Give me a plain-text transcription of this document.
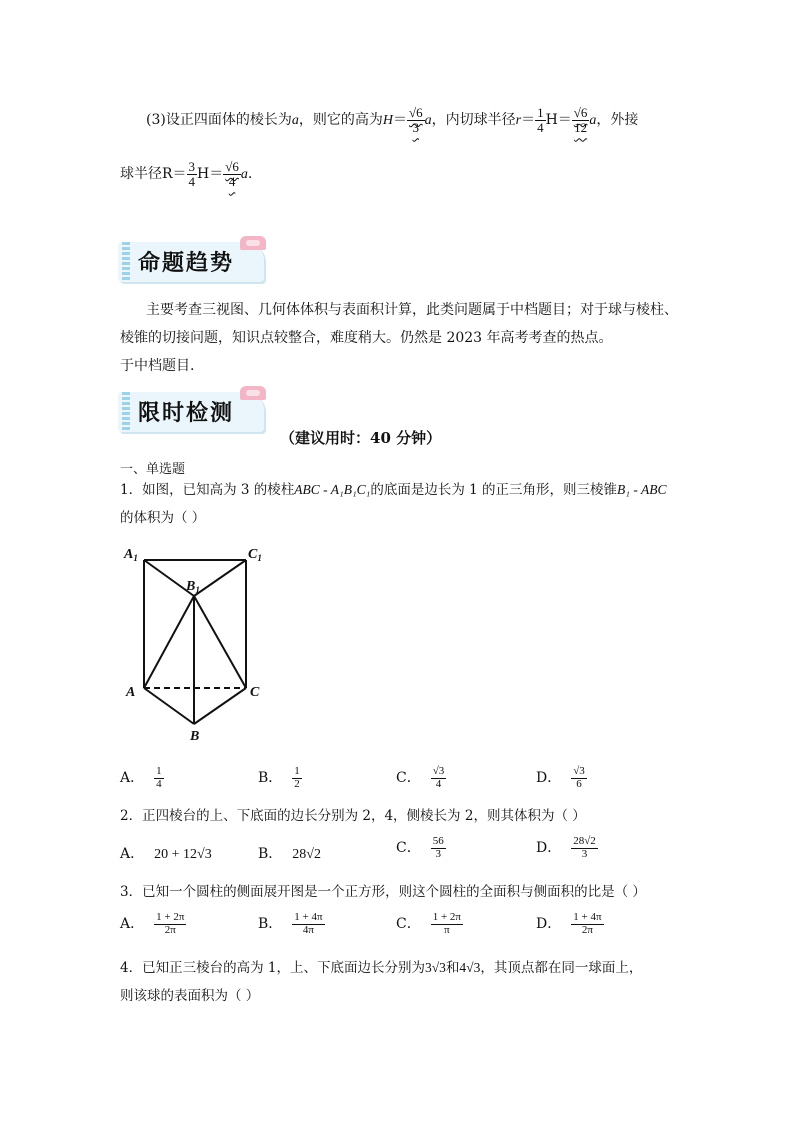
(3)设正四面体的棱长为a，则它的高为$H= \frac{√6}{3}$ a，内切球半径$r= \frac{1}{4} H= \frac{√6}{12}$ a，外接
球半径$R= \frac{3}{4} H= \frac{√6}{4} a$.
命题趋势
主要考查三视图、几何体体积与表面积计算，此类问题属于中档题目；对于球与棱柱、
棱锥的切接问题，知识点较整合，难度稍大。仍然是 2023 年高考考查的热点。
于中档题目.
限时检测
（建议用时：40 分钟）
一、单选题
1．如图，已知高为 3 的棱柱ABC - A₁B₁C₁的底面是边长为 1 的正三角形，则三棱锥B₁ - ABC
的体积为（ ）
$A_1$	$C_1$
$B_1$
A	C
B
A． $\frac{1}{4}$	B． $\frac{1}{2}$	C． $\frac{√3}{4}$	D． $\frac{√3}{6}$
2．正四棱台的上、下底面的边长分别为 2，4，侧棱长为 2，则其体积为（ ）
A． 20 + 12√3	B． 28√2	C． $\frac{56}{3}$	D． $\frac{28√2}{3}$
3．已知一个圆柱的侧面展开图是一个正方形，则这个圆柱的全面积与侧面积的比是（ ）
A． $\frac{1 + 2\pi}{2\pi}$	B． $\frac{1 + 4\pi}{4\pi}$	C． $\frac{1 + 2\pi}{\pi}$	D． $\frac{1 + 4\pi}{2\pi}$
4．已知正三棱台的高为 1，上、下底面边长分别为3√3和4√3，其顶点都在同一球面上，
则该球的表面积为（ ）
